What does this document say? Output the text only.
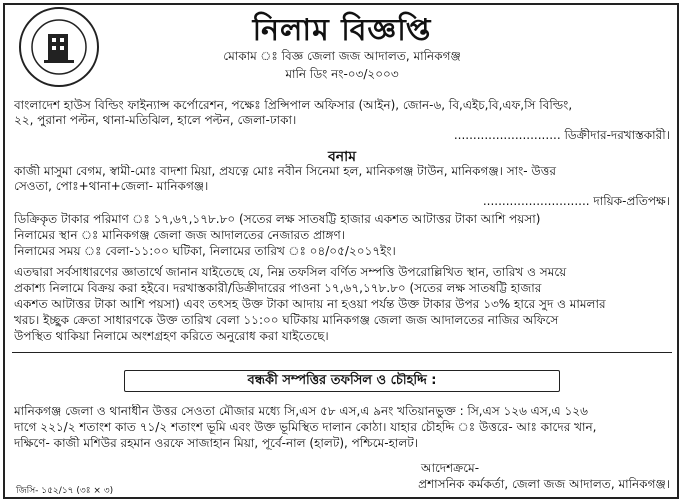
নিলাম বিজ্ঞপ্তি
মোকাম ঃ বিজ্ঞ জেলা জজ আদালত, মানিকগঞ্জ
মানি ডিং নং-০৩/২০০৩
বাংলাদেশ হাউস বিল্ডিং ফাইন্যান্স কর্পোরেশন, পক্ষেঃ প্রিন্সিপাল অফিসার (আইন), জোন-৬, বি,এইচ,বি,এফ,সি বিল্ডিং,
২২, পুরানা পল্টন, থানা-মতিঝিল, হালে পল্টন, জেলা-ঢাকা।
............................ ডিক্রীদার-দরখাস্তকারী।
বনাম
কাজী মাসুমা বেগম, স্বামী-মোঃ বাদশা মিয়া, প্রযত্নে মোঃ নবীন সিনেমা হল, মানিকগঞ্জ টাউন, মানিকগঞ্জ। সাং- উত্তর
সেওতা, পোঃ+থানা+জেলা- মানিকগঞ্জ।
............................ দায়িক-প্রতিপক্ষ।
ডিক্রিকৃত টাকার পরিমাণ ঃ ১৭,৬৭,১৭৮.৮০ (সতের লক্ষ সাতষট্টি হাজার একশত আটাত্তর টাকা আশি পয়সা)
নিলামের স্থান ঃ মানিকগঞ্জ জেলা জজ আদালতের নেজারত প্রাঙ্গণ।
নিলামের সময় ঃ বেলা-১১:০০ ঘটিকা, নিলামের তারিখ ঃ ০৪/০৫/২০১৭ইং।
এতদ্বারা সর্বসাধারণের জ্ঞাতার্থে জানান যাইতেছে যে, নিম্ন তফসিল বর্ণিত সম্পত্তি উপরোল্লিখিত স্থান, তারিখ ও সময়ে
প্রকাশ্য নিলামে বিক্রয় করা হইবে। দরখাস্তকারী/ডিক্রীদারের পাওনা ১৭,৬৭,১৭৮.৮০ (সতের লক্ষ সাতষট্টি হাজার
একশত আটাত্তর টাকা আশি পয়সা) এবং তৎসহ উক্ত টাকা আদায় না হওয়া পর্যন্ত উক্ত টাকার উপর ১৩% হারে সুদ ও মামলার
খরচ। ইচ্ছুক ক্রেতা সাধারণকে উক্ত তারিখ বেলা ১১:০০ ঘটিকায় মানিকগঞ্জ জেলা জজ আদালতের নাজির অফিসে
উপস্থিত থাকিয়া নিলামে অংশগ্রহণ করিতে অনুরোধ করা যাইতেছে।
বন্ধকী সম্পত্তির তফসিল ও চৌহদ্দি :
মানিকগঞ্জ জেলা ও থানাধীন উত্তর সেওতা মৌজার মধ্যে সি,এস ৫৮ এস,এ ৯নং খতিয়ানভুক্ত : সি,এস ১২৬ এস,এ ১২৬
দাগে ২২১/২ শতাংশ কাত ৭১/২ শতাংশ ভূমি এবং উক্ত ভূমিস্থিত দালান কোঠা। যাহার চৌহদ্দি ঃ উত্তরে- আঃ কাদের খান,
দক্ষিণে- কাজী মশিউর রহমান ওরফে সাজাহান মিয়া, পূর্বে-নাল (হালট), পশ্চিমে-হালট।
আদেশক্রমে-
প্রশাসনিক কর্মকর্তা, জেলা জজ আদালত, মানিকগঞ্জ।
জিসি- ১৫২/১৭ (৩ঃ × ৩)
